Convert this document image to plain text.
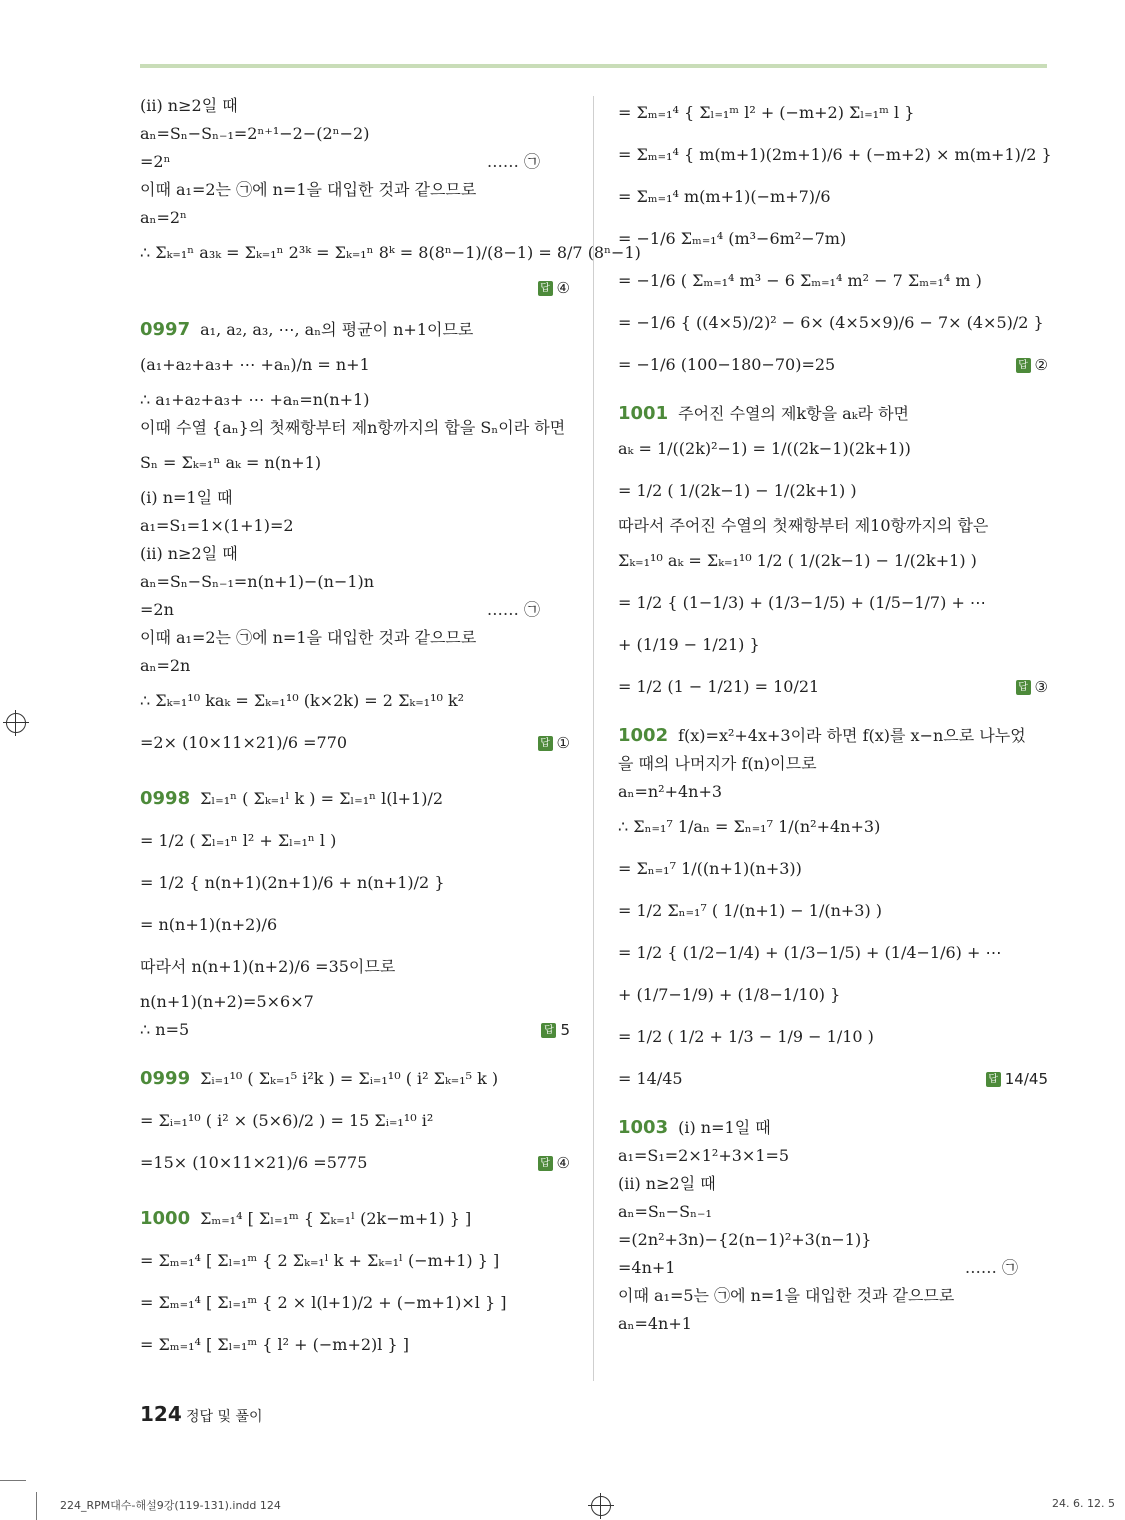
(ii) n≥2일 때
aₙ=Sₙ−Sₙ₋₁=2ⁿ⁺¹−2−(2ⁿ−2)
=2ⁿ	…… ㉠
이때 a₁=2는 ㉠에 n=1을 대입한 것과 같으므로
aₙ=2ⁿ
∴ Σₖ₌₁ⁿ a₃ₖ = Σₖ₌₁ⁿ 2³ᵏ = Σₖ₌₁ⁿ 8ᵏ = 8(8ⁿ−1)/(8−1) = 8/7 (8ⁿ−1)
답 ④
0997 a₁, a₂, a₃, ⋯, aₙ의 평균이 n+1이므로
(a₁+a₂+a₃+ ⋯ +aₙ)/n = n+1
∴ a₁+a₂+a₃+ ⋯ +aₙ=n(n+1)
이때 수열 {aₙ}의 첫째항부터 제n항까지의 합을 Sₙ이라 하면
Sₙ = Σₖ₌₁ⁿ aₖ = n(n+1)
(i) n=1일 때
a₁=S₁=1×(1+1)=2
(ii) n≥2일 때
aₙ=Sₙ−Sₙ₋₁=n(n+1)−(n−1)n
=2n	…… ㉠
이때 a₁=2는 ㉠에 n=1을 대입한 것과 같으므로
aₙ=2n
∴ Σₖ₌₁¹⁰ kaₖ = Σₖ₌₁¹⁰ (k×2k) = 2 Σₖ₌₁¹⁰ k²
=2× (10×11×21)/6 =770	답 ①
0998 Σₗ₌₁ⁿ ( Σₖ₌₁ˡ k ) = Σₗ₌₁ⁿ l(l+1)/2
= 1/2 ( Σₗ₌₁ⁿ l² + Σₗ₌₁ⁿ l )
= 1/2 { n(n+1)(2n+1)/6 + n(n+1)/2 }
= n(n+1)(n+2)/6
따라서 n(n+1)(n+2)/6 =35이므로
n(n+1)(n+2)=5×6×7
∴ n=5	답 5
0999 Σᵢ₌₁¹⁰ ( Σₖ₌₁⁵ i²k ) = Σᵢ₌₁¹⁰ ( i² Σₖ₌₁⁵ k )
= Σᵢ₌₁¹⁰ ( i² × (5×6)/2 ) = 15 Σᵢ₌₁¹⁰ i²
=15× (10×11×21)/6 =5775	답 ④
1000 Σₘ₌₁⁴ [ Σₗ₌₁ᵐ { Σₖ₌₁ˡ (2k−m+1) } ]
= Σₘ₌₁⁴ [ Σₗ₌₁ᵐ { 2 Σₖ₌₁ˡ k + Σₖ₌₁ˡ (−m+1) } ]
= Σₘ₌₁⁴ [ Σₗ₌₁ᵐ { 2 × l(l+1)/2 + (−m+1)×l } ]
= Σₘ₌₁⁴ [ Σₗ₌₁ᵐ { l² + (−m+2)l } ]
= Σₘ₌₁⁴ { Σₗ₌₁ᵐ l² + (−m+2) Σₗ₌₁ᵐ l }
= Σₘ₌₁⁴ { m(m+1)(2m+1)/6 + (−m+2) × m(m+1)/2 }
= Σₘ₌₁⁴ m(m+1)(−m+7)/6
= −1/6 Σₘ₌₁⁴ (m³−6m²−7m)
= −1/6 ( Σₘ₌₁⁴ m³ − 6 Σₘ₌₁⁴ m² − 7 Σₘ₌₁⁴ m )
= −1/6 { ((4×5)/2)² − 6× (4×5×9)/6 − 7× (4×5)/2 }
= −1/6 (100−180−70)=25	답 ②
1001 주어진 수열의 제k항을 aₖ라 하면
aₖ = 1/((2k)²−1) = 1/((2k−1)(2k+1))
= 1/2 ( 1/(2k−1) − 1/(2k+1) )
따라서 주어진 수열의 첫째항부터 제10항까지의 합은
Σₖ₌₁¹⁰ aₖ = Σₖ₌₁¹⁰ 1/2 ( 1/(2k−1) − 1/(2k+1) )
= 1/2 { (1−1/3) + (1/3−1/5) + (1/5−1/7) + ⋯
+ (1/19 − 1/21) }
= 1/2 (1 − 1/21) = 10/21	답 ③
1002 f(x)=x²+4x+3이라 하면 f(x)를 x−n으로 나누었
을 때의 나머지가 f(n)이므로
aₙ=n²+4n+3
∴ Σₙ₌₁⁷ 1/aₙ = Σₙ₌₁⁷ 1/(n²+4n+3)
= Σₙ₌₁⁷ 1/((n+1)(n+3))
= 1/2 Σₙ₌₁⁷ ( 1/(n+1) − 1/(n+3) )
= 1/2 { (1/2−1/4) + (1/3−1/5) + (1/4−1/6) + ⋯
+ (1/7−1/9) + (1/8−1/10) }
= 1/2 ( 1/2 + 1/3 − 1/9 − 1/10 )
= 14/45	답 14/45
1003 (i) n=1일 때
a₁=S₁=2×1²+3×1=5
(ii) n≥2일 때
aₙ=Sₙ−Sₙ₋₁
=(2n²+3n)−{2(n−1)²+3(n−1)}
=4n+1	…… ㉠
이때 a₁=5는 ㉠에 n=1을 대입한 것과 같으므로
aₙ=4n+1
124 정답 및 풀이
224_RPM대수-해설9강(119-131).indd 124	24. 6. 12. 5
